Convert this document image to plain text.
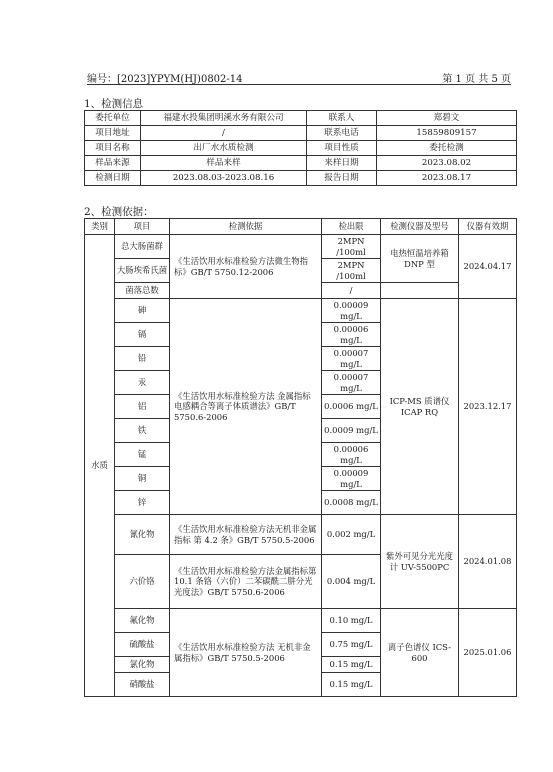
编号：[2023]YPYM(HJ)0802-14	第 1 页 共 5 页
1、检测信息
委托单位	福建水投集团明溪水务有限公司	联系人	郑碧文
项目地址	/	联系电话	15859809157
项目名称	出厂水水质检测	项目性质	委托检测
样品来源	样品来样	来样日期	2023.08.02
检测日期	2023.08.03-2023.08.16	报告日期	2023.08.17
2、检测依据：
类别	项目	检测依据	检出限	检测仪器及型号	仪器有效期
水质	总大肠菌群	《生活饮用水标准检验方法微生物指标》GB/T 5750.12-2006	2MPN /100ml	电热恒温培养箱 DNP 型	2024.04.17
	大肠埃希氏菌		2MPN /100ml		
	菌落总数		/		
	砷	《生活饮用水标准检验方法 金属指标 电感耦合等离子体质谱法》GB/T 5750.6-2006	0.00009 mg/L	ICP-MS 质谱仪 ICAP RQ	2023.12.17
	镉		0.00006 mg/L		
	铅		0.00007 mg/L		
	汞		0.00007 mg/L		
	铝		0.0006 mg/L		
	铁		0.0009 mg/L		
	锰		0.00006 mg/L		
	铜		0.00009 mg/L		
	锌		0.0008 mg/L		
	氰化物	《生活饮用水标准检验方法无机非金属指标 第 4.2 条》GB/T 5750.5-2006	0.002 mg/L	紫外可见分光光度计 UV-5500PC	2024.01.08
	六价铬	《生活饮用水标准检验方法金属指标第 10.1 条铬（六价）二苯碳酰二肼分光光度法》GB/T 5750.6-2006	0.004 mg/L		
	氟化物	《生活饮用水标准检验方法 无机非金属指标》GB/T 5750.5-2006	0.10 mg/L	离子色谱仪 ICS-600	2025.01.06
	硫酸盐		0.75 mg/L		
	氯化物		0.15 mg/L		
	硝酸盐		0.15 mg/L		
